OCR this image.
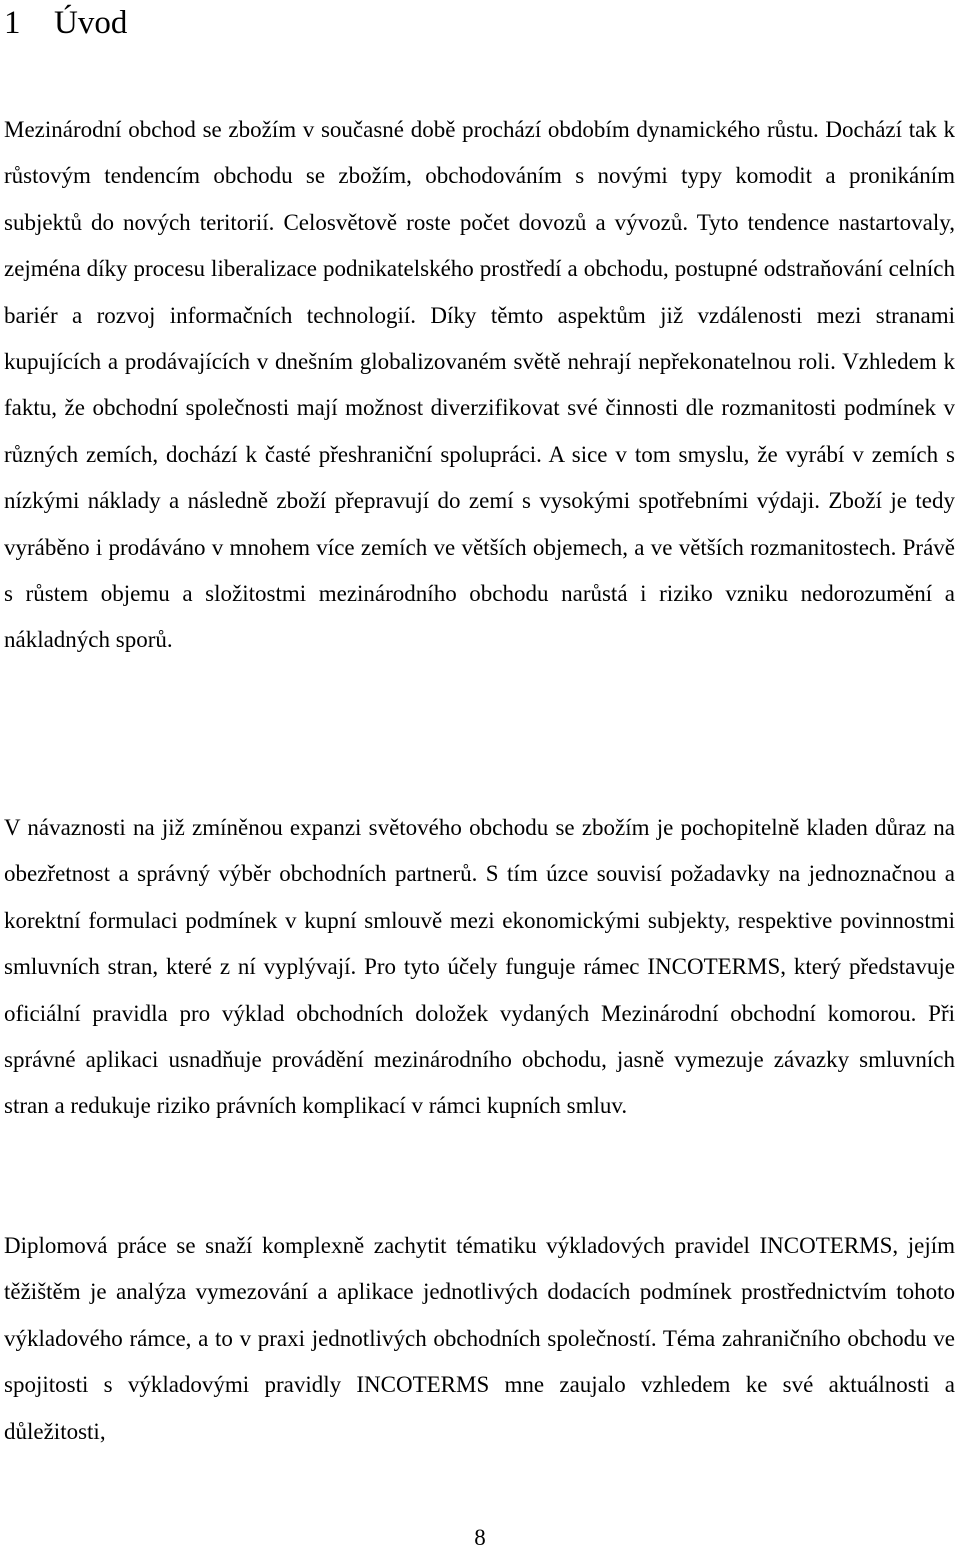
1 Úvod

Mezinárodní obchod se zbožím v současné době prochází obdobím dynamického růstu. Dochází tak k růstovým tendencím obchodu se zbožím, obchodováním s novými typy komodit a pronikáním subjektů do nových teritorií. Celosvětově roste počet dovozů a vývozů. Tyto tendence nastartovaly, zejména díky procesu liberalizace podnikatelského prostředí a obchodu, postupné odstraňování celních bariér a rozvoj informačních technologií. Díky těmto aspektům již vzdálenosti mezi stranami kupujících a prodávajících v dnešním globalizovaném světě nehrají nepřekonatelnou roli. Vzhledem k faktu, že obchodní společnosti mají možnost diverzifikovat své činnosti dle rozmanitosti podmínek v různých zemích, dochází k časté přeshraniční spolupráci. A sice v tom smyslu, že vyrábí v zemích s nízkými náklady a následně zboží přepravují do zemí s vysokými spotřebními výdaji. Zboží je tedy vyráběno i prodáváno v mnohem více zemích ve větších objemech, a ve větších rozmanitostech. Právě s růstem objemu a složitostmi mezinárodního obchodu narůstá i riziko vzniku nedorozumění a nákladných sporů.

V návaznosti na již zmíněnou expanzi světového obchodu se zbožím je pochopitelně kladen důraz na obezřetnost a správný výběr obchodních partnerů. S tím úzce souvisí požadavky na jednoznačnou a korektní formulaci podmínek v kupní smlouvě mezi ekonomickými subjekty, respektive povinnostmi smluvních stran, které z ní vyplývají. Pro tyto účely funguje rámec INCOTERMS, který představuje oficiální pravidla pro výklad obchodních doložek vydaných Mezinárodní obchodní komorou. Při správné aplikaci usnadňuje provádění mezinárodního obchodu, jasně vymezuje závazky smluvních stran a redukuje riziko právních komplikací v rámci kupních smluv.

Diplomová práce se snaží komplexně zachytit tématiku výkladových pravidel INCOTERMS, jejím těžištěm je analýza vymezování a aplikace jednotlivých dodacích podmínek prostřednictvím tohoto výkladového rámce, a to v praxi jednotlivých obchodních společností. Téma zahraničního obchodu ve spojitosti s výkladovými pravidly INCOTERMS mne zaujalo vzhledem ke své aktuálnosti a důležitosti,

8
